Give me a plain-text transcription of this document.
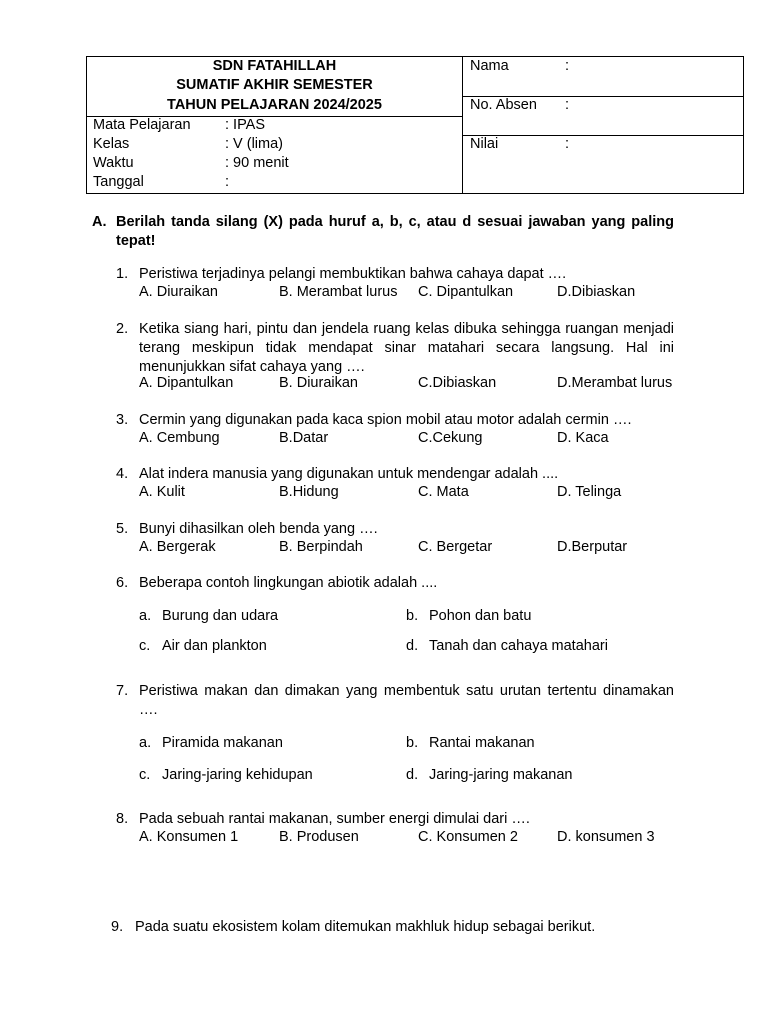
SDN FATAHILLAH
SUMATIF AKHIR SEMESTER
TAHUN PELAJARAN 2024/2025
Mata Pelajaran : IPAS
Kelas	: V (lima)
Waktu	: 90 menit
Tanggal	:
Nama	:
No. Absen :
Nilai	:
A. Berilah tanda silang (X) pada huruf a, b, c, atau d sesuai jawaban yang paling tepat!
1. Peristiwa terjadinya pelangi membuktikan bahwa cahaya dapat ….
A. Diuraikan	B. Merambat lurus C. Dipantulkan	D.Dibiaskan
2. Ketika siang hari, pintu dan jendela ruang kelas dibuka sehingga ruangan menjadi terang meskipun tidak mendapat sinar matahari secara langsung. Hal ini menunjukkan sifat cahaya yang ….
A. Dipantulkan	B. Diuraikan	C.Dibiaskan	D.Merambat lurus
3. Cermin yang digunakan pada kaca spion mobil atau motor adalah cermin ….
A. Cembung	B.Datar	C.Cekung	D. Kaca
4. Alat indera manusia yang digunakan untuk mendengar adalah ....
A. Kulit	B.Hidung	C. Mata	D. Telinga
5. Bunyi dihasilkan oleh benda yang ….
A. Bergerak	B. Berpindah	C. Bergetar	D.Berputar
6. Beberapa contoh lingkungan abiotik adalah ....
a. Burung dan udara	b. Pohon dan batu
c. Air dan plankton	d. Tanah dan cahaya matahari
7. Peristiwa makan dan dimakan yang membentuk satu urutan tertentu dinamakan ….
a. Piramida makanan	b. Rantai makanan
c. Jaring-jaring kehidupan	d. Jaring-jaring makanan
8. Pada sebuah rantai makanan, sumber energi dimulai dari ….
A. Konsumen 1	B. Produsen	C. Konsumen 2	D. konsumen 3
9. Pada suatu ekosistem kolam ditemukan makhluk hidup sebagai berikut.
